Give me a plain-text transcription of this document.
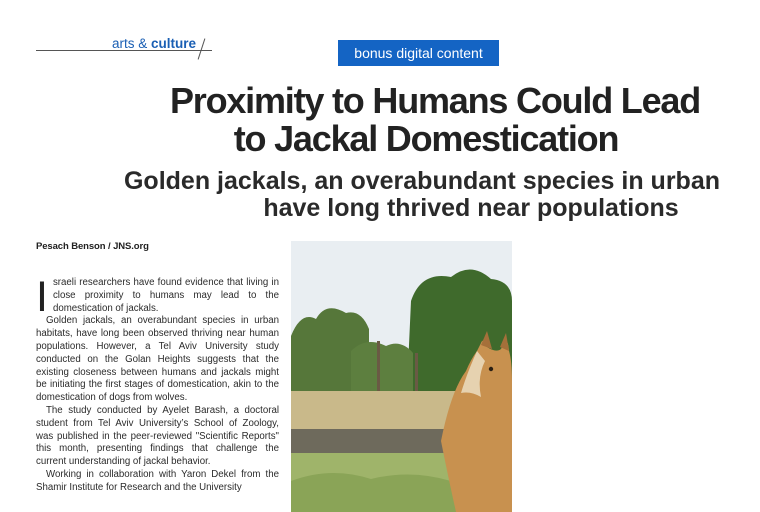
arts & culture
bonus digital content
Proximity to Humans Could Lead
to Jackal Domestication
Golden jackals, an overabundant species in urban
have long thrived near populations
Pesach Benson / JNS.org

Israeli researchers have found evidence that living in close proximity to humans may lead to the domestication of jackals.

Golden jackals, an overabundant species in urban habitats, have long been observed thriving near human populations. However, a Tel Aviv University study conducted on the Golan Heights suggests that the existing closeness between humans and jackals might be initiating the first stages of domestication, akin to the domestication of dogs from wolves.

The study conducted by Ayelet Barash, a doctoral student from Tel Aviv University’s School of Zoology, was published in the peer-reviewed "Scientific Reports" this month, presenting findings that challenge the current understanding of jackal behavior.

Working in collaboration with Yaron Dekel from the Shamir Institute for Research and the University
